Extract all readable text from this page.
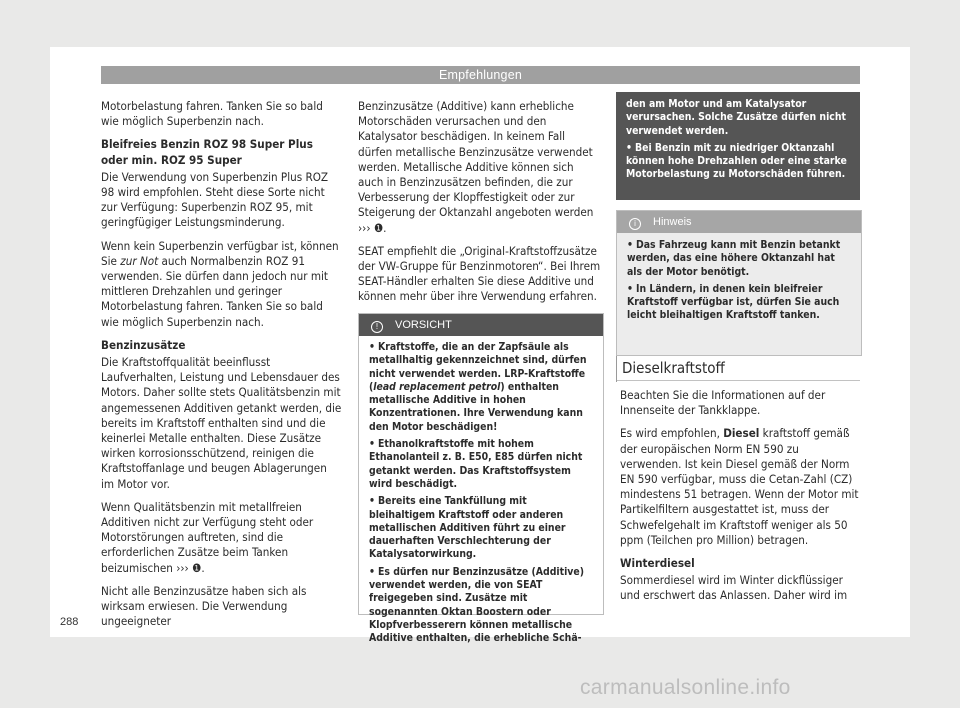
Empfehlungen

Motorbelastung fahren. Tanken Sie so bald wie möglich Superbenzin nach.

Bleifreies Benzin ROZ 98 Super Plus oder min. ROZ 95 Super

Die Verwendung von Superbenzin Plus ROZ 98 wird empfohlen. Steht diese Sorte nicht zur Verfügung: Superbenzin ROZ 95, mit geringfügiger Leistungsminderung.

Wenn kein Superbenzin verfügbar ist, können Sie zur Not auch Normalbenzin ROZ 91 verwenden. Sie dürfen dann jedoch nur mit mittleren Drehzahlen und geringer Motorbelastung fahren. Tanken Sie so bald wie möglich Superbenzin nach.

Benzinzusätze

Die Kraftstoffqualität beeinflusst Laufverhalten, Leistung und Lebensdauer des Motors. Daher sollte stets Qualitätsbenzin mit angemessenen Additiven getankt werden, die bereits im Kraftstoff enthalten sind und die keinerlei Metalle enthalten. Diese Zusätze wirken korrosionsschützend, reinigen die Kraftstoffanlage und beugen Ablagerungen im Motor vor.

Wenn Qualitätsbenzin mit metallfreien Additiven nicht zur Verfügung steht oder Motorstörungen auftreten, sind die erforderlichen Zusätze beim Tanken beizumischen ››› ❶.

Nicht alle Benzinzusätze haben sich als wirksam erwiesen. Die Verwendung ungeeigneter

Benzinzusätze (Additive) kann erhebliche Motorschäden verursachen und den Katalysator beschädigen. In keinem Fall dürfen metallische Benzinzusätze verwendet werden. Metallische Additive können sich auch in Benzinzusätzen befinden, die zur Verbesserung der Klopffestigkeit oder zur Steigerung der Oktanzahl angeboten werden ››› ❶.

SEAT empfiehlt die „Original-Kraftstoffzusätze der VW-Gruppe für Benzinmotoren“. Bei Ihrem SEAT-Händler erhalten Sie diese Additive und können mehr über ihre Verwendung erfahren.

! VORSICHT
• Kraftstoffe, die an der Zapfsäule als metallhaltig gekennzeichnet sind, dürfen nicht verwendet werden. LRP-Kraftstoffe (lead replacement petrol) enthalten metallische Additive in hohen Konzentrationen. Ihre Verwendung kann den Motor beschädigen!
• Ethanolkraftstoffe mit hohem Ethanolanteil z. B. E50, E85 dürfen nicht getankt werden. Das Kraftstoffsystem wird beschädigt.
• Bereits eine Tankfüllung mit bleihaltigem Kraftstoff oder anderen metallischen Additiven führt zu einer dauerhaften Verschlechterung der Katalysatorwirkung.
• Es dürfen nur Benzinzusätze (Additive) verwendet werden, die von SEAT freigegeben sind. Zusätze mit sogenannten Oktan Boostern oder Klopfverbesserern können metallische Additive enthalten, die erhebliche Schä-
den am Motor und am Katalysator verursachen. Solche Zusätze dürfen nicht verwendet werden.
• Bei Benzin mit zu niedriger Oktanzahl können hohe Drehzahlen oder eine starke Motorbelastung zu Motorschäden führen.
i Hinweis
• Das Fahrzeug kann mit Benzin betankt werden, das eine höhere Oktanzahl hat als der Motor benötigt.
• In Ländern, in denen kein bleifreier Kraftstoff verfügbar ist, dürfen Sie auch leicht bleihaltigen Kraftstoff tanken.
Dieselkraftstoff

Beachten Sie die Informationen auf der Innenseite der Tankklappe.

Es wird empfohlen, Diesel kraftstoff gemäß der europäischen Norm EN 590 zu verwenden. Ist kein Diesel gemäß der Norm EN 590 verfügbar, muss die Cetan-Zahl (CZ) mindestens 51 betragen. Wenn der Motor mit Partikelfiltern ausgestattet ist, muss der Schwefelgehalt im Kraftstoff weniger als 50 ppm (Teilchen pro Million) betragen.

Winterdiesel

Sommerdiesel wird im Winter dickflüssiger und erschwert das Anlassen. Daher wird im

288
carmanualsonline.info
